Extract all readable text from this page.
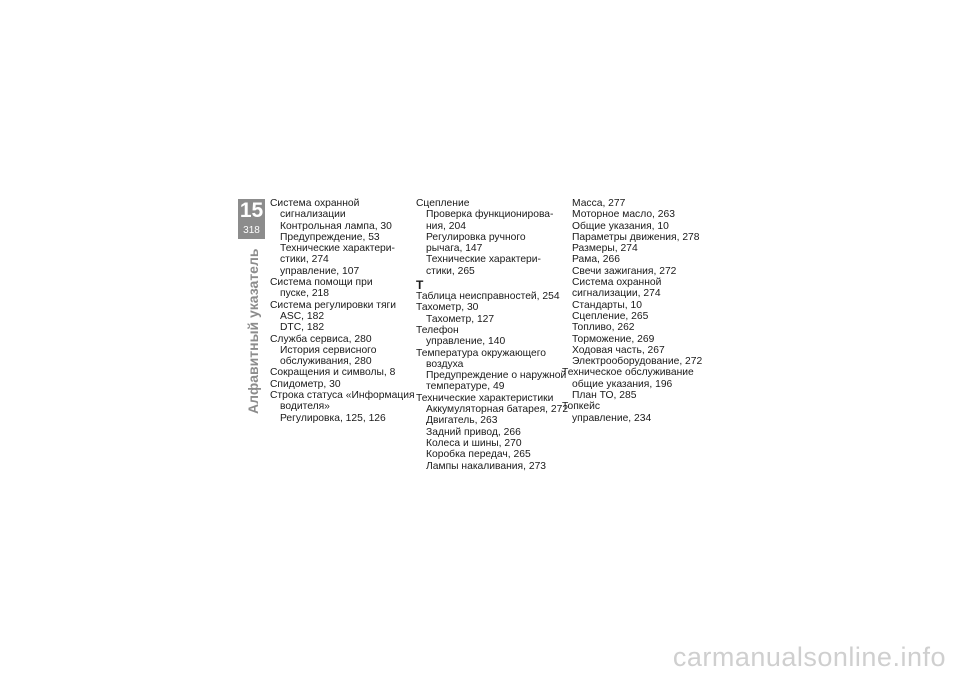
15
318
Алфавитный указатель
Система охранной
сигнализации
Контрольная лампа, 30
Предупреждение, 53
Технические характери-
стики, 274
управление, 107
Система помощи при
пуске, 218
Система регулировки тяги
ASC, 182
DTC, 182
Служба сервиса, 280
История сервисного
обслуживания, 280
Сокращения и символы, 8
Спидометр, 30
Строка статуса «Информация
водителя»
Регулировка, 125, 126
Сцепление
Проверка функционирова-
ния, 204
Регулировка ручного
рычага, 147
Технические характери-
стики, 265
Т
Таблица неисправностей, 254
Тахометр, 30
Тахометр, 127
Телефон
управление, 140
Температура окружающего
воздуха
Предупреждение о наружной
температуре, 49
Технические характеристики
Аккумуляторная батарея, 272
Двигатель, 263
Задний привод, 266
Колеса и шины, 270
Коробка передач, 265
Лампы накаливания, 273
Масса, 277
Моторное масло, 263
Общие указания, 10
Параметры движения, 278
Размеры, 274
Рама, 266
Свечи зажигания, 272
Система охранной
сигнализации, 274
Стандарты, 10
Сцепление, 265
Топливо, 262
Торможение, 269
Ходовая часть, 267
Электрооборудование, 272
Техническое обслуживание
общие указания, 196
План ТО, 285
Топкейс
управление, 234
carmanualsonline.info
